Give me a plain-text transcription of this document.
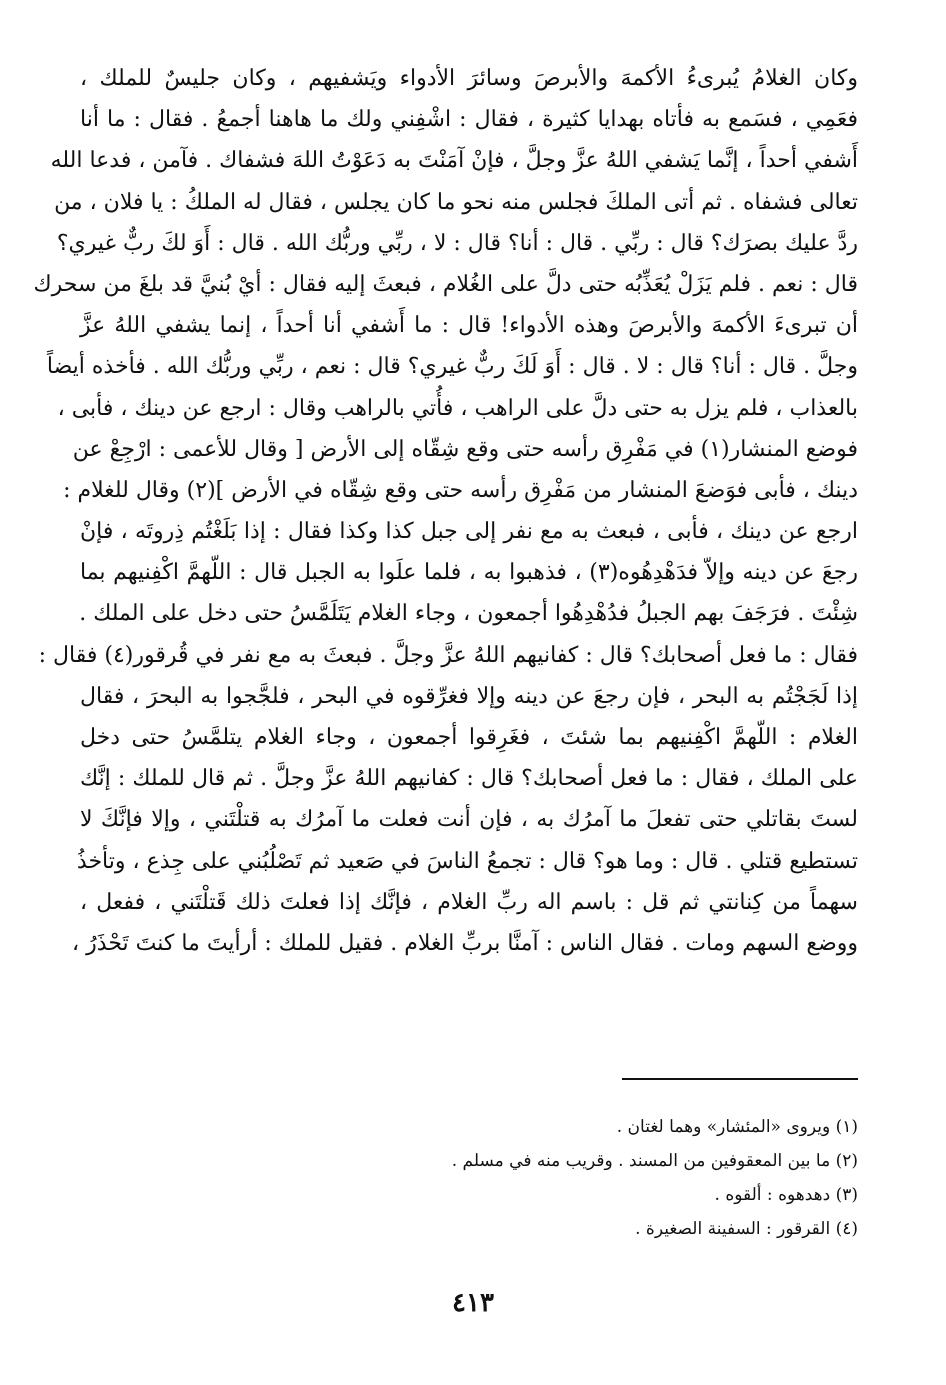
وكان الغلامُ يُبرىءُ الأكمهَ والأبرصَ وسائرَ الأدواء ويَشفيهم ، وكان جليسٌ للملك ،
فعَمِي ، فسَمع به فأتاه بهدايا كثيرة ، فقال : اشْفِني ولك ما هاهنا أجمعُ . فقال : ما أنا
أَشفي أحداً ، إنَّما يَشفي اللهُ عزَّ وجلَّ ، فإنْ آمَنْتَ به دَعَوْتُ اللهَ فشفاك . فآمن ، فدعا الله
تعالى فشفاه . ثم أتى الملكَ فجلس منه نحو ما كان يجلس ، فقال له الملكُ : يا فلان ، من
ردَّ عليك بصرَك؟ قال : ربِّي . قال : أنا؟ قال : لا ، ربِّي وربُّك الله . قال : أَوَ لكَ ربٌّ غيري؟
قال : نعم . فلم يَزَلْ يُعَذِّبُه حتى دلَّ على الغُلام ، فبعثَ إليه فقال : أيْ بُنيَّ قد بلغَ من سحرك
أن تبرىءَ الأكمهَ والأبرصَ وهذه الأدواء! قال : ما أَشفي أنا أحداً ، إنما يشفي اللهُ عزَّ
وجلَّ . قال : أنا؟ قال : لا . قال : أَوَ لَكَ ربٌّ غيري؟ قال : نعم ، ربِّي وربُّك الله . فأخذه أيضاً
بالعذاب ، فلم يزل به حتى دلَّ على الراهب ، فأُتي بالراهب وقال : ارجع عن دينك ، فأبى ،
فوضع المنشار(١) في مَفْرِق رأسه حتى وقع شِقّاه إلى الأرض [ وقال للأعمى : ارْجِعْ عن
دينك ، فأبى فوَضعَ المنشار من مَفْرِق رأسه حتى وقع شِقّاه في الأرض ](٢) وقال للغلام :
ارجع عن دينك ، فأبى ، فبعث به مع نفر إلى جبل كذا وكذا فقال : إذا بَلَغْتُم ذِروتَه ، فإنْ
رجعَ عن دينه وإلاّ فدَهْدِهُوه(٣) ، فذهبوا به ، فلما علَوا به الجبل قال : اللّهمَّ اكْفِنيهم بما
شِئْتَ . فرَجَفَ بهم الجبلُ فدُهْدِهُوا أجمعون ، وجاء الغلام يَتَلَمَّسُ حتى دخل على الملك .
فقال : ما فعل أصحابك؟ قال : كفانيهم اللهُ عزَّ وجلَّ . فبعثَ به مع نفر في قُرقور(٤) فقال :
إذا لَجَجْتُم به البحر ، فإن رجعَ عن دينه وإلا فغرِّقوه في البحر ، فلجَّجوا به البحرَ ، فقال
الغلام : اللّهمَّ اكْفِنيهم بما شئتَ ، فغَرِقوا أجمعون ، وجاء الغلام يتلمَّسُ حتى دخل
على الملك ، فقال : ما فعل أصحابك؟ قال : كفانيهم اللهُ عزَّ وجلَّ . ثم قال للملك : إنَّك
لستَ بقاتلي حتى تفعلَ ما آمرُك به ، فإن أنت فعلت ما آمرُك به قتلْتَني ، وإلا فإنَّكَ لا
تستطيع قتلي . قال : وما هو؟ قال : تجمعُ الناسَ في صَعيد ثم تَصْلُبُني على جِذع ، وتأخذُ
سهماً من كِنانتي ثم قل : باسم اله ربِّ الغلام ، فإنَّك إذا فعلتَ ذلك قَتلْتَني ، ففعل ،
ووضع السهم ومات . فقال الناس : آمنَّا بربِّ الغلام . فقيل للملك : أرأيتَ ما كنتَ تَحْذَرُ ،
(١) ويروى «المئشار» وهما لغتان .
(٢) ما بين المعقوفين من المسند . وقريب منه في مسلم .
(٣) دهدهوه : ألقوه .
(٤) القرقور : السفينة الصغيرة .
٤١٣
